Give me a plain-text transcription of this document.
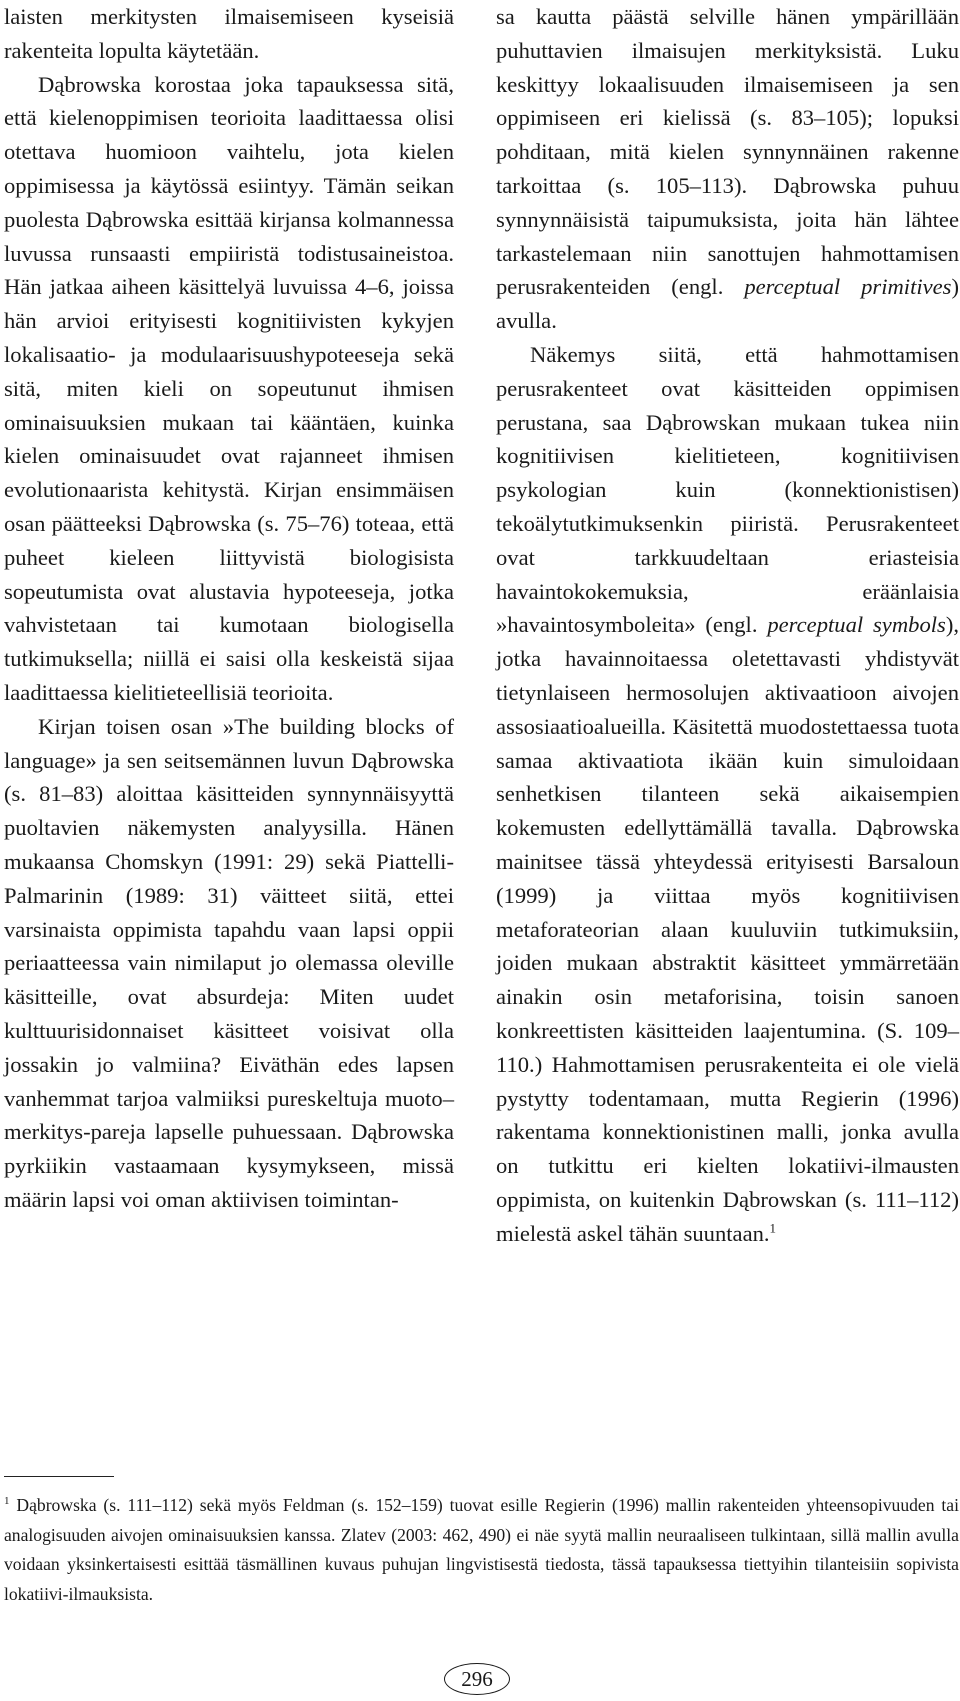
laisten merkitysten ilmaisemiseen kyseisiä rakenteita lopulta käytetään.

Dąbrowska korostaa joka tapauksessa sitä, että kielenoppimisen teorioita laadittaessa olisi otettava huomioon vaihtelu, jota kielen oppimisessa ja käytössä esiintyy. Tämän seikan puolesta Dąbrowska esittää kirjansa kolmannessa luvussa runsaasti empiiristä todistusaineistoa. Hän jatkaa aiheen käsittelyä luvuissa 4–6, joissa hän arvioi erityisesti kognitiivisten kykyjen lokalisaatio- ja modulaarisuushypoteeseja sekä sitä, miten kieli on sopeutunut ihmisen ominaisuuksien mukaan tai kääntäen, kuinka kielen ominaisuudet ovat rajanneet ihmisen evolutionaarista kehitystä. Kirjan ensimmäisen osan päätteeksi Dąbrowska (s. 75–76) toteaa, että puheet kieleen liittyvistä biologisista sopeutumista ovat alustavia hypoteeseja, jotka vahvistetaan tai kumotaan biologisella tutkimuksella; niillä ei saisi olla keskeistä sijaa laadittaessa kielitieteellisiä teorioita.

Kirjan toisen osan »The building blocks of language» ja sen seitsemännen luvun Dąbrowska (s. 81–83) aloittaa käsitteiden synnynnäisyyttä puoltavien näkemysten analyysilla. Hänen mukaansa Chomskyn (1991: 29) sekä Piattelli-Palmarinin (1989: 31) väitteet siitä, ettei varsinaista oppimista tapahdu vaan lapsi oppii periaatteessa vain nimilaput jo olemassa oleville käsitteille, ovat absurdeja: Miten uudet kulttuurisidonnaiset käsitteet voisivat olla jossakin jo valmiina? Eiväthän edes lapsen vanhemmat tarjoa valmiiksi pureskeltuja muoto–merkitys-pareja lapselle puhuessaan. Dąbrowska pyrkiikin vastaamaan kysymykseen, missä määrin lapsi voi oman aktiivisen toimintan-

sa kautta päästä selville hänen ympärillään puhuttavien ilmaisujen merkityksistä. Luku keskittyy lokaalisuuden ilmaisemiseen ja sen oppimiseen eri kielissä (s. 83–105); lopuksi pohditaan, mitä kielen synnynnäinen rakenne tarkoittaa (s. 105–113). Dąbrowska puhuu synnynnäisistä taipumuksista, joita hän lähtee tarkastelemaan niin sanottujen hahmottamisen perusrakenteiden (engl. perceptual primitives) avulla.

Näkemys siitä, että hahmottamisen perusrakenteet ovat käsitteiden oppimisen perustana, saa Dąbrowskan mukaan tukea niin kognitiivisen kielitieteen, kognitiivisen psykologian kuin (konnektionistisen) tekoälytutkimuksenkin piiristä. Perusrakenteet ovat tarkkuudeltaan eriasteisia havaintokokemuksia, eräänlaisia »havaintosymboleita» (engl. perceptual symbols), jotka havainnoitaessa oletettavasti yhdistyvät tietynlaiseen hermosolujen aktivaatioon aivojen assosiaatioalueilla. Käsitettä muodostettaessa tuota samaa aktivaatiota ikään kuin simuloidaan senhetkisen tilanteen sekä aikaisempien kokemusten edellyttämällä tavalla. Dąbrowska mainitsee tässä yhteydessä erityisesti Barsaloun (1999) ja viittaa myös kognitiivisen metaforateorian alaan kuuluviin tutkimuksiin, joiden mukaan abstraktit käsitteet ymmärretään ainakin osin metaforisina, toisin sanoen konkreettisten käsitteiden laajentumina. (S. 109–110.) Hahmottamisen perusrakenteita ei ole vielä pystytty todentamaan, mutta Regierin (1996) rakentama konnektionistinen malli, jonka avulla on tutkittu eri kielten lokatiivi-ilmausten oppimista, on kuitenkin Dąbrowskan (s. 111–112) mielestä askel tähän suuntaan.$^1$

$^1$ Dąbrowska (s. 111–112) sekä myös Feldman (s. 152–159) tuovat esille Regierin (1996) mallin rakenteiden yhteensopivuuden tai analogisuuden aivojen ominaisuuksien kanssa. Zlatev (2003: 462, 490) ei näe syytä mallin neuraaliseen tulkintaan, sillä mallin avulla voidaan yksinkertaisesti esittää täsmällinen kuvaus puhujan lingvistisestä tiedosta, tässä tapauksessa tiettyihin tilanteisiin sopivista lokatiivi-ilmauksista.

296
